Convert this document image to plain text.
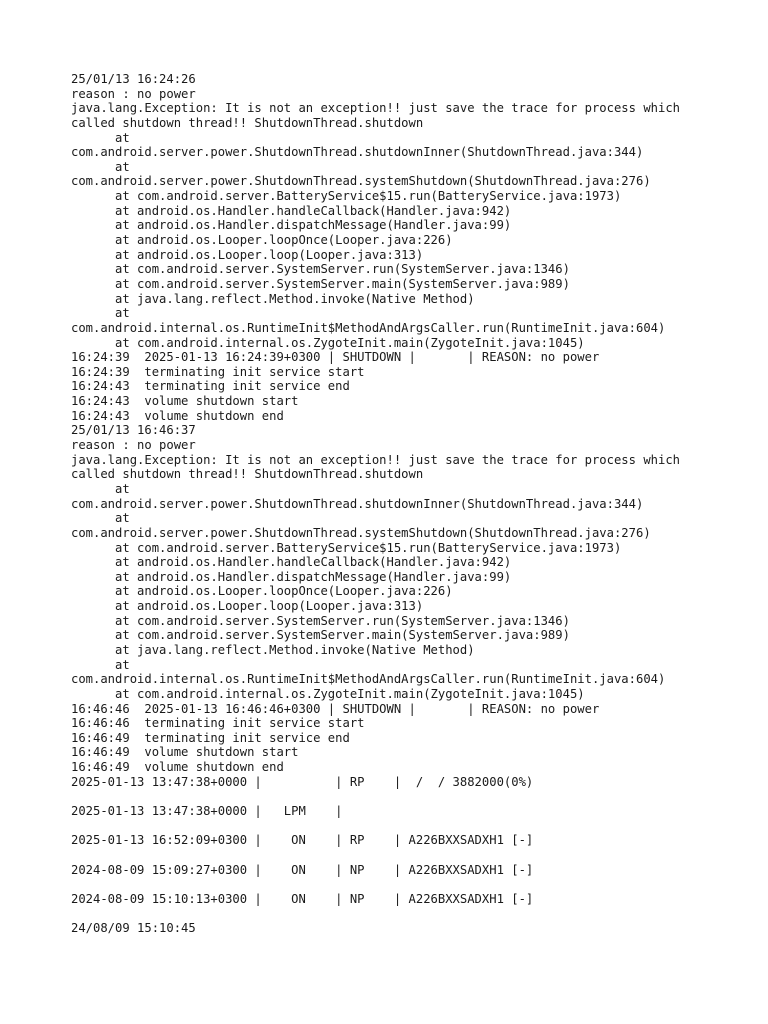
25/01/13 16:24:26
reason : no power
java.lang.Exception: It is not an exception!! just save the trace for process which
called shutdown thread!! ShutdownThread.shutdown
at
com.android.server.power.ShutdownThread.shutdownInner(ShutdownThread.java:344)
at
com.android.server.power.ShutdownThread.systemShutdown(ShutdownThread.java:276)
at com.android.server.BatteryService$15.run(BatteryService.java:1973)
at android.os.Handler.handleCallback(Handler.java:942)
at android.os.Handler.dispatchMessage(Handler.java:99)
at android.os.Looper.loopOnce(Looper.java:226)
at android.os.Looper.loop(Looper.java:313)
at com.android.server.SystemServer.run(SystemServer.java:1346)
at com.android.server.SystemServer.main(SystemServer.java:989)
at java.lang.reflect.Method.invoke(Native Method)
at
com.android.internal.os.RuntimeInit$MethodAndArgsCaller.run(RuntimeInit.java:604)
at com.android.internal.os.ZygoteInit.main(ZygoteInit.java:1045)
16:24:39  2025-01-13 16:24:39+0300 | SHUTDOWN |       | REASON: no power
16:24:39  terminating init service start
16:24:43  terminating init service end
16:24:43  volume shutdown start
16:24:43  volume shutdown end
25/01/13 16:46:37
reason : no power
java.lang.Exception: It is not an exception!! just save the trace for process which
called shutdown thread!! ShutdownThread.shutdown
at
com.android.server.power.ShutdownThread.shutdownInner(ShutdownThread.java:344)
at
com.android.server.power.ShutdownThread.systemShutdown(ShutdownThread.java:276)
at com.android.server.BatteryService$15.run(BatteryService.java:1973)
at android.os.Handler.handleCallback(Handler.java:942)
at android.os.Handler.dispatchMessage(Handler.java:99)
at android.os.Looper.loopOnce(Looper.java:226)
at android.os.Looper.loop(Looper.java:313)
at com.android.server.SystemServer.run(SystemServer.java:1346)
at com.android.server.SystemServer.main(SystemServer.java:989)
at java.lang.reflect.Method.invoke(Native Method)
at
com.android.internal.os.RuntimeInit$MethodAndArgsCaller.run(RuntimeInit.java:604)
at com.android.internal.os.ZygoteInit.main(ZygoteInit.java:1045)
16:46:46  2025-01-13 16:46:46+0300 | SHUTDOWN |       | REASON: no power
16:46:46  terminating init service start
16:46:49  terminating init service end
16:46:49  volume shutdown start
16:46:49  volume shutdown end
2025-01-13 13:47:38+0000 |          | RP    |  /  / 3882000(0%)
2025-01-13 13:47:38+0000 |   LPM    |
2025-01-13 16:52:09+0300 |    ON    | RP    | A226BXXSADXH1 [-]
2024-08-09 15:09:27+0300 |    ON    | NP    | A226BXXSADXH1 [-]
2024-08-09 15:10:13+0300 |    ON    | NP    | A226BXXSADXH1 [-]
24/08/09 15:10:45
